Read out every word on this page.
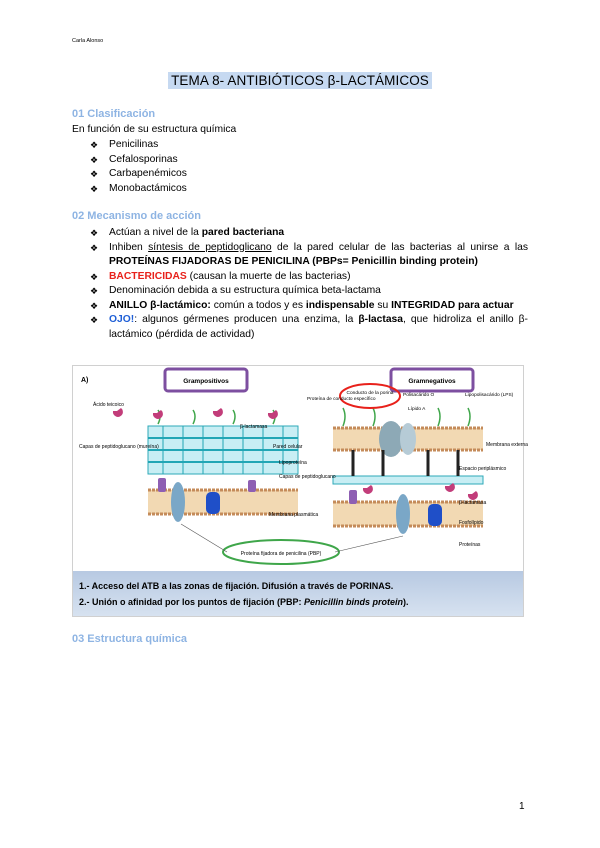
Carla Alonso
TEMA 8- ANTIBIÓTICOS β-LACTÁMICOS
01 Clasificación
En función de su estructura química
❖ Penicilinas
❖ Cefalosporinas
❖ Carbapenémicos
❖ Monobactámicos
02 Mecanismo de acción
❖ Actúan a nivel de la pared bacteriana
❖ Inhiben síntesis de peptidoglicano de la pared celular de las bacterias al unirse a las PROTEÍNAS FIJADORAS DE PENICILINA (PBPs= Penicillin binding protein)
❖ BACTERICIDAS (causan la muerte de las bacterias)
❖ Denominación debida a su estructura química beta-lactama
❖ ANILLO β-lactámico: común a todos y es indispensable su INTEGRIDAD para actuar
❖ OJO!: algunos gérmenes producen una enzima, la β-lactasa, que hidroliza el anillo β-lactámico (pérdida de actividad)
A)	Grampositivos	Gramnegativos
Ácido teicoico
β-lactamasa
Capas de peptidoglucano (mureína)
Conducto de la porina
Proteína de conducto específico
Polisacárido O
Lípido A
Lipopolisacárido (LPS)
Pared celular	Membrana externa
Lipoproteína
Capas de peptidoglucano
Espacio periplásmico
β-lactamasa
Membrana plasmática
Fosfolípido
Proteínas
Proteína fijadora de penicilina (PBP)
1.- Acceso del ATB a las zonas de fijación. Difusión a través de PORINAS.
2.- Unión o afinidad por los puntos de fijación (PBP: Penicillin binds protein).
03 Estructura química
1
